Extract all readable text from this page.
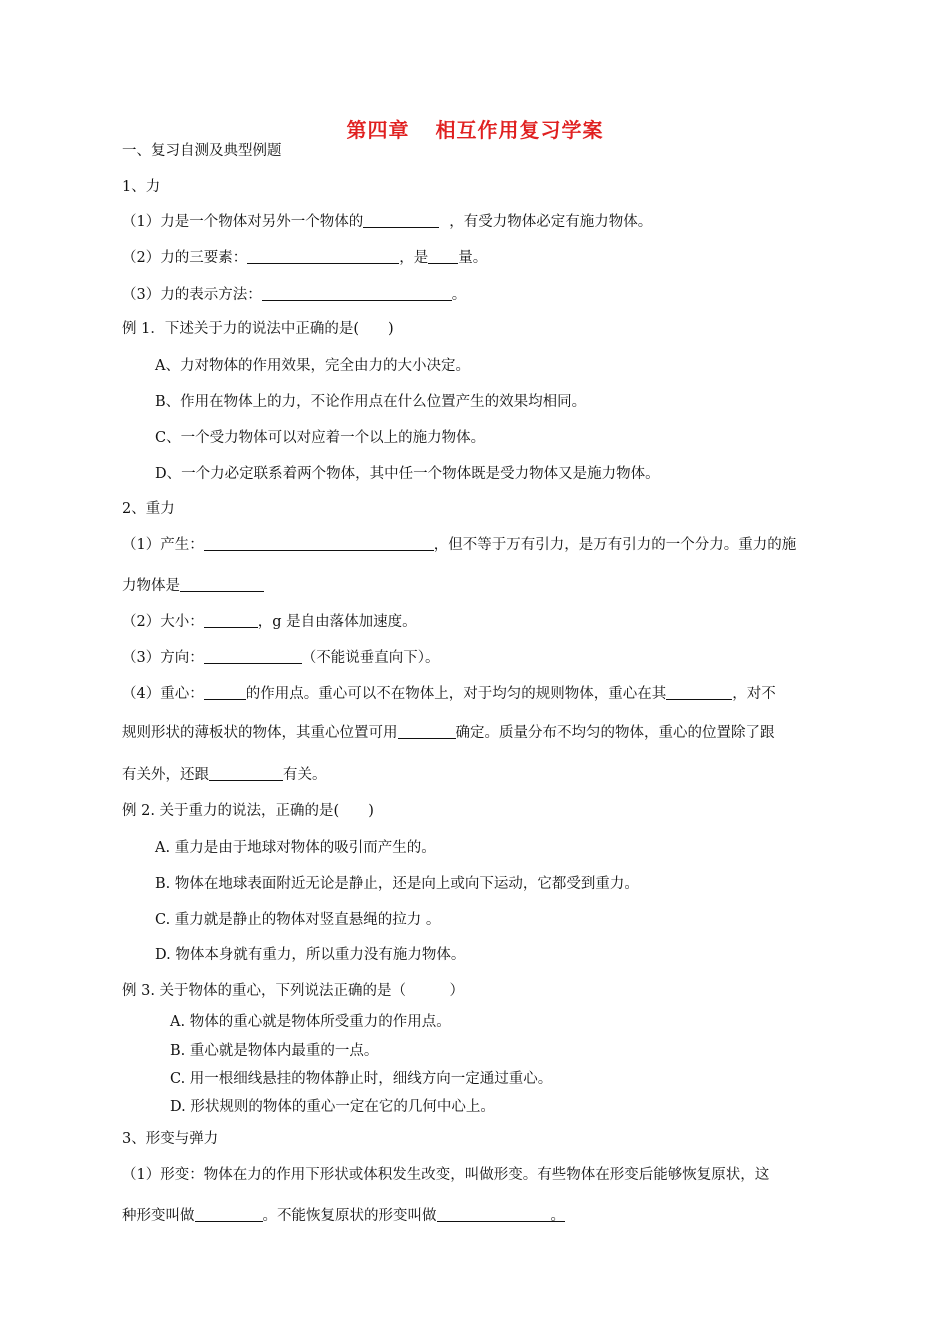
第四章 相互作用复习学案
一、复习自测及典型例题
1、力
（1）力是一个物体对另外一个物体的	，有受力物体必定有施力物体。
（2）力的三要素：	，是 量。
（3）力的表示方法：	。
例 1．下述关于力的说法中正确的是(　　)
A、力对物体的作用效果，完全由力的大小决定。
B、作用在物体上的力，不论作用点在什么位置产生的效果均相同。
C、一个受力物体可以对应着一个以上的施力物体。
D、一个力必定联系着两个物体，其中任一个物体既是受力物体又是施力物体。
2、重力
（1）产生：	，但不等于万有引力，是万有引力的一个分力。重力的施
力物体是
（2）大小：	，g 是自由落体加速度。
（3）方向：	（不能说垂直向下）。
（4）重心：	的作用点。重心可以不在物体上，对于均匀的规则物体，重心在其	，对不
规则形状的薄板状的物体，其重心位置可用	确定。质量分布不均匀的物体，重心的位置除了跟
有关外，还跟	有关。
例 2. 关于重力的说法，正确的是(　　)
A. 重力是由于地球对物体的吸引而产生的。
B. 物体在地球表面附近无论是静止，还是向上或向下运动，它都受到重力。
C. 重力就是静止的物体对竖直悬绳的拉力 。
D. 物体本身就有重力，所以重力没有施力物体。
例 3. 关于物体的重心，下列说法正确的是（　　　）
A. 物体的重心就是物体所受重力的作用点。
B. 重心就是物体内最重的一点。
C. 用一根细线悬挂的物体静止时，细线方向一定通过重心。
D. 形状规则的物体的重心一定在它的几何中心上。
3、形变与弹力
（1）形变：物体在力的作用下形状或体积发生改变，叫做形变。有些物体在形变后能够恢复原状，这
种形变叫做	。不能恢复原状的形变叫做	。
